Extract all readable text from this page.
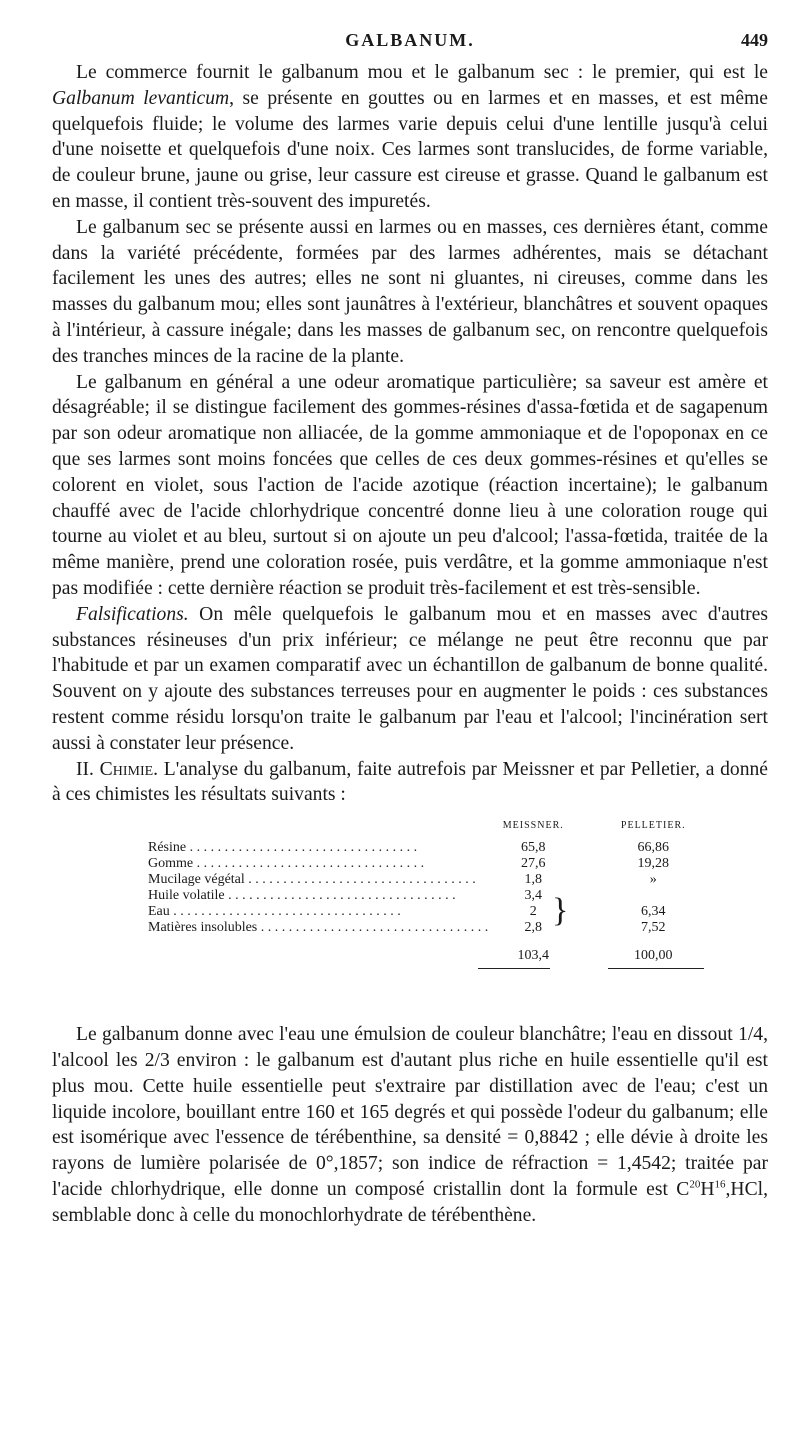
GALBANUM.	449

Le commerce fournit le galbanum mou et le galbanum sec : le premier, qui est le Galbanum levanticum, se présente en gouttes ou en larmes et en masses, et est même quelquefois fluide; le volume des larmes varie depuis celui d'une lentille jusqu'à celui d'une noisette et quelquefois d'une noix. Ces larmes sont translucides, de forme variable, de couleur brune, jaune ou grise, leur cassure est cireuse et grasse. Quand le galbanum est en masse, il contient très-souvent des impuretés.

Le galbanum sec se présente aussi en larmes ou en masses, ces dernières étant, comme dans la variété précédente, formées par des larmes adhérentes, mais se détachant facilement les unes des autres; elles ne sont ni gluantes, ni cireuses, comme dans les masses du galbanum mou; elles sont jaunâtres à l'extérieur, blanchâtres et souvent opaques à l'intérieur, à cassure inégale; dans les masses de galbanum sec, on rencontre quelquefois des tranches minces de la racine de la plante.

Le galbanum en général a une odeur aromatique particulière; sa saveur est amère et désagréable; il se distingue facilement des gommes-résines d'assa-fœtida et de sagapenum par son odeur aromatique non alliacée, de la gomme ammoniaque et de l'opoponax en ce que ses larmes sont moins foncées que celles de ces deux gommes-résines et qu'elles se colorent en violet, sous l'action de l'acide azotique (réaction incertaine); le galbanum chauffé avec de l'acide chlorhydrique concentré donne lieu à une coloration rouge qui tourne au violet et au bleu, surtout si on ajoute un peu d'alcool; l'assa-fœtida, traitée de la même manière, prend une coloration rosée, puis verdâtre, et la gomme ammoniaque n'est pas modifiée : cette dernière réaction se produit très-facilement et est très-sensible.

Falsifications. On mêle quelquefois le galbanum mou et en masses avec d'autres substances résineuses d'un prix inférieur; ce mélange ne peut être reconnu que par l'habitude et par un examen comparatif avec un échantillon de galbanum de bonne qualité. Souvent on y ajoute des substances terreuses pour en augmenter le poids : ces substances restent comme résidu lorsqu'on traite le galbanum par l'eau et l'alcool; l'incinération sert aussi à constater leur présence.

II. Chimie. L'analyse du galbanum, faite autrefois par Meissner et par Pelletier, a donné à ces chimistes les résultats suivants :

	MEISSNER.	PELLETIER.
Résine . . .	65,8	66,86
Gomme . . .	27,6	19,28
Mucilage végétal . . .	1,8	»
Huile volatile . . .	3,4	
Eau . . .	2	6,34
Matières insolubles . . .	2,8	7,52
	103,4	100,00
}

Le galbanum donne avec l'eau une émulsion de couleur blanchâtre; l'eau en dissout 1/4, l'alcool les 2/3 environ : le galbanum est d'autant plus riche en huile essentielle qu'il est plus mou. Cette huile essentielle peut s'extraire par distillation avec de l'eau; c'est un liquide incolore, bouillant entre 160 et 165 degrés et qui possède l'odeur du galbanum; elle est isomérique avec l'essence de térébenthine, sa densité = 0,8842 ; elle dévie à droite les rayons de lumière polarisée de 0°,1857; son indice de réfraction = 1,4542; traitée par l'acide chlorhydrique, elle donne un composé cristallin dont la formule est $C^{20}H^{16},HCl$, semblable donc à celle du monochlorhydrate de térébenthène.
